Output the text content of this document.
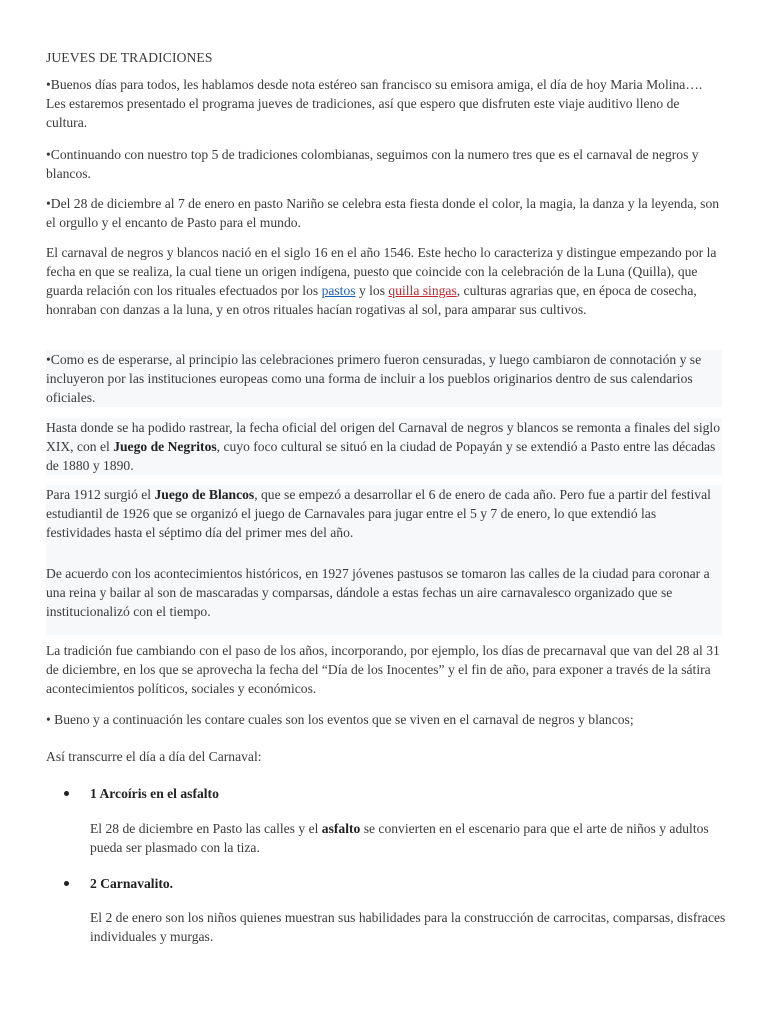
JUEVES DE TRADICIONES

•Buenos días para todos, les hablamos desde nota estéreo san francisco su emisora amiga, el día de hoy Maria Molina…. Les estaremos presentado el programa jueves de tradiciones, así que espero que disfruten este viaje auditivo lleno de cultura.

•Continuando con nuestro top 5 de tradiciones colombianas, seguimos con la numero tres que es el carnaval de negros y blancos.

•Del 28 de diciembre al 7 de enero en pasto Nariño se celebra esta fiesta donde el color, la magia, la danza y la leyenda, son el orgullo y el encanto de Pasto para el mundo.

El carnaval de negros y blancos nació en el siglo 16 en el año 1546. Este hecho lo caracteriza y distingue empezando por la fecha en que se realiza, la cual tiene un origen indígena, puesto que coincide con la celebración de la Luna (Quilla), que guarda relación con los rituales efectuados por los pastos y los quilla singas, culturas agrarias que, en época de cosecha, honraban con danzas a la luna, y en otros rituales hacían rogativas al sol, para amparar sus cultivos.

•Como es de esperarse, al principio las celebraciones primero fueron censuradas, y luego cambiaron de connotación y se incluyeron por las instituciones europeas como una forma de incluir a los pueblos originarios dentro de sus calendarios oficiales.

Hasta donde se ha podido rastrear, la fecha oficial del origen del Carnaval de negros y blancos se remonta a finales del siglo XIX, con el Juego de Negritos, cuyo foco cultural se situó en la ciudad de Popayán y se extendió a Pasto entre las décadas de 1880 y 1890.

Para 1912 surgió el Juego de Blancos, que se empezó a desarrollar el 6 de enero de cada año. Pero fue a partir del festival estudiantil de 1926 que se organizó el juego de Carnavales para jugar entre el 5 y 7 de enero, lo que extendió las festividades hasta el séptimo día del primer mes del año.

De acuerdo con los acontecimientos históricos, en 1927 jóvenes pastusos se tomaron las calles de la ciudad para coronar a una reina y bailar al son de mascaradas y comparsas, dándole a estas fechas un aire carnavalesco organizado que se institucionalizó con el tiempo.

La tradición fue cambiando con el paso de los años, incorporando, por ejemplo, los días de precarnaval que van del 28 al 31 de diciembre, en los que se aprovecha la fecha del “Día de los Inocentes” y el fin de año, para exponer a través de la sátira acontecimientos políticos, sociales y económicos.

• Bueno y a continuación les contare cuales son los eventos que se viven en el carnaval de negros y blancos;

Así transcurre el día a día del Carnaval:

1 Arcoíris en el asfalto

El 28 de diciembre en Pasto las calles y el asfalto se convierten en el escenario para que el arte de niños y adultos pueda ser plasmado con la tiza.

2 Carnavalito.

El 2 de enero son los niños quienes muestran sus habilidades para la construcción de carrocitas, comparsas, disfraces individuales y murgas.
